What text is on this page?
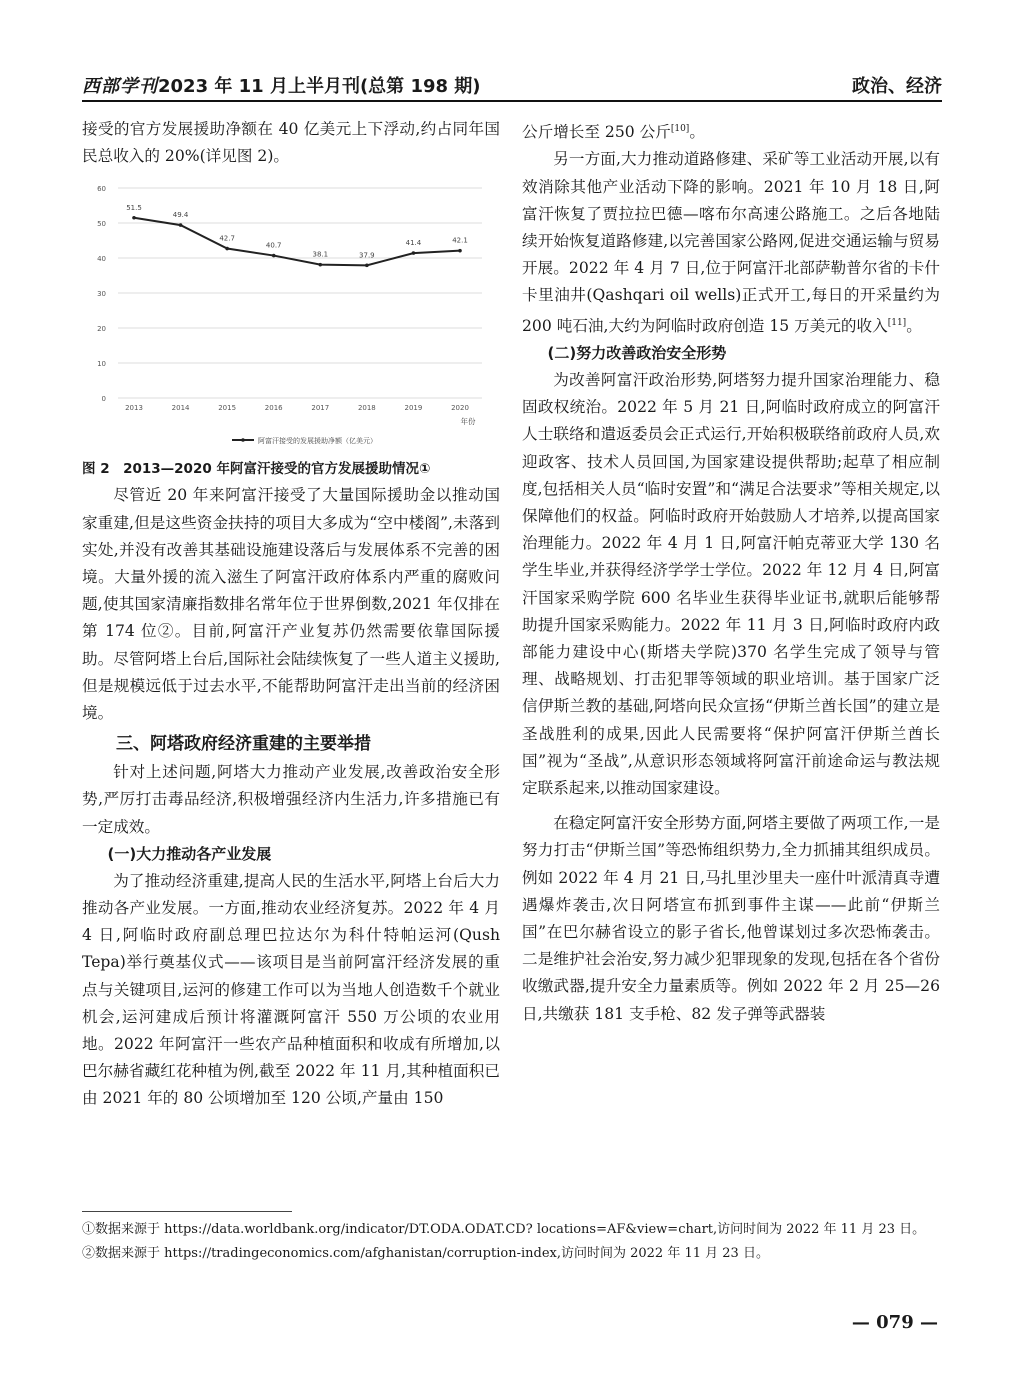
西部学刊2023 年 11 月上半月刊(总第 198 期)	政治、经济

接受的官方发展援助净额在 40 亿美元上下浮动,约占同年国民总收入的 20%(详见图 2)。

0
10
20
30
40
50
60
2013	2014	2015	2016	2017	2018	2019	2020
年份
51.5
49.4
42.7
40.7
38.1	37.9
41.4	42.1
阿富汗接受的发展援助净额（亿美元）

图 2　2013—2020 年阿富汗接受的官方发展援助情况①

尽管近 20 年来阿富汗接受了大量国际援助金以推动国家重建,但是这些资金扶持的项目大多成为“空中楼阁”,未落到实处,并没有改善其基础设施建设落后与发展体系不完善的困境。大量外援的流入滋生了阿富汗政府体系内严重的腐败问题,使其国家清廉指数排名常年位于世界倒数,2021 年仅排在第 174 位②。目前,阿富汗产业复苏仍然需要依靠国际援助。尽管阿塔上台后,国际社会陆续恢复了一些人道主义援助,但是规模远低于过去水平,不能帮助阿富汗走出当前的经济困境。

三、阿塔政府经济重建的主要举措

针对上述问题,阿塔大力推动产业发展,改善政治安全形势,严厉打击毒品经济,积极增强经济内生活力,许多措施已有一定成效。

(一)大力推动各产业发展

为了推动经济重建,提高人民的生活水平,阿塔上台后大力推动各产业发展。一方面,推动农业经济复苏。2022 年 4 月 4 日,阿临时政府副总理巴拉达尔为科什特帕运河(Qush Tepa)举行奠基仪式——该项目是当前阿富汗经济发展的重点与关键项目,运河的修建工作可以为当地人创造数千个就业机会,运河建成后预计将灌溉阿富汗 550 万公顷的农业用地。2022 年阿富汗一些农产品种植面积和收成有所增加,以巴尔赫省藏红花种植为例,截至 2022 年 11 月,其种植面积已由 2021 年的 80 公顷增加至 120 公顷,产量由 150

公斤增长至 250 公斤[10]。

另一方面,大力推动道路修建、采矿等工业活动开展,以有效消除其他产业活动下降的影响。2021 年 10 月 18 日,阿富汗恢复了贾拉拉巴德—喀布尔高速公路施工。之后各地陆续开始恢复道路修建,以完善国家公路网,促进交通运输与贸易开展。2022 年 4 月 7 日,位于阿富汗北部萨勒普尔省的卡什卡里油井(Qashqari oil wells)正式开工,每日的开采量约为 200 吨石油,大约为阿临时政府创造 15 万美元的收入[11]。

(二)努力改善政治安全形势

为改善阿富汗政治形势,阿塔努力提升国家治理能力、稳固政权统治。2022 年 5 月 21 日,阿临时政府成立的阿富汗人士联络和遣返委员会正式运行,开始积极联络前政府人员,欢迎政客、技术人员回国,为国家建设提供帮助;起草了相应制度,包括相关人员“临时安置”和“满足合法要求”等相关规定,以保障他们的权益。阿临时政府开始鼓励人才培养,以提高国家治理能力。2022 年 4 月 1 日,阿富汗帕克蒂亚大学 130 名学生毕业,并获得经济学学士学位。2022 年 12 月 4 日,阿富汗国家采购学院 600 名毕业生获得毕业证书,就职后能够帮助提升国家采购能力。2022 年 11 月 3 日,阿临时政府内政部能力建设中心(斯塔夫学院)370 名学生完成了领导与管理、战略规划、打击犯罪等领域的职业培训。基于国家广泛信伊斯兰教的基础,阿塔向民众宣扬“伊斯兰酋长国”的建立是圣战胜利的成果,因此人民需要将“保护阿富汗伊斯兰酋长国”视为“圣战”,从意识形态领域将阿富汗前途命运与教法规定联系起来,以推动国家建设。

在稳定阿富汗安全形势方面,阿塔主要做了两项工作,一是努力打击“伊斯兰国”等恐怖组织势力,全力抓捕其组织成员。例如 2022 年 4 月 21 日,马扎里沙里夫一座什叶派清真寺遭遇爆炸袭击,次日阿塔宣布抓到事件主谋——此前“伊斯兰国”在巴尔赫省设立的影子省长,他曾谋划过多次恐怖袭击。二是维护社会治安,努力减少犯罪现象的发现,包括在各个省份收缴武器,提升安全力量素质等。例如 2022 年 2 月 25—26 日,共缴获 181 支手枪、82 发子弹等武器装

①数据来源于 https://data.worldbank.org/indicator/DT.ODA.ODAT.CD? locations=AF&view=chart,访问时间为 2022 年 11 月 23 日。
②数据来源于 https://tradingeconomics.com/afghanistan/corruption-index,访问时间为 2022 年 11 月 23 日。
— 079 —
